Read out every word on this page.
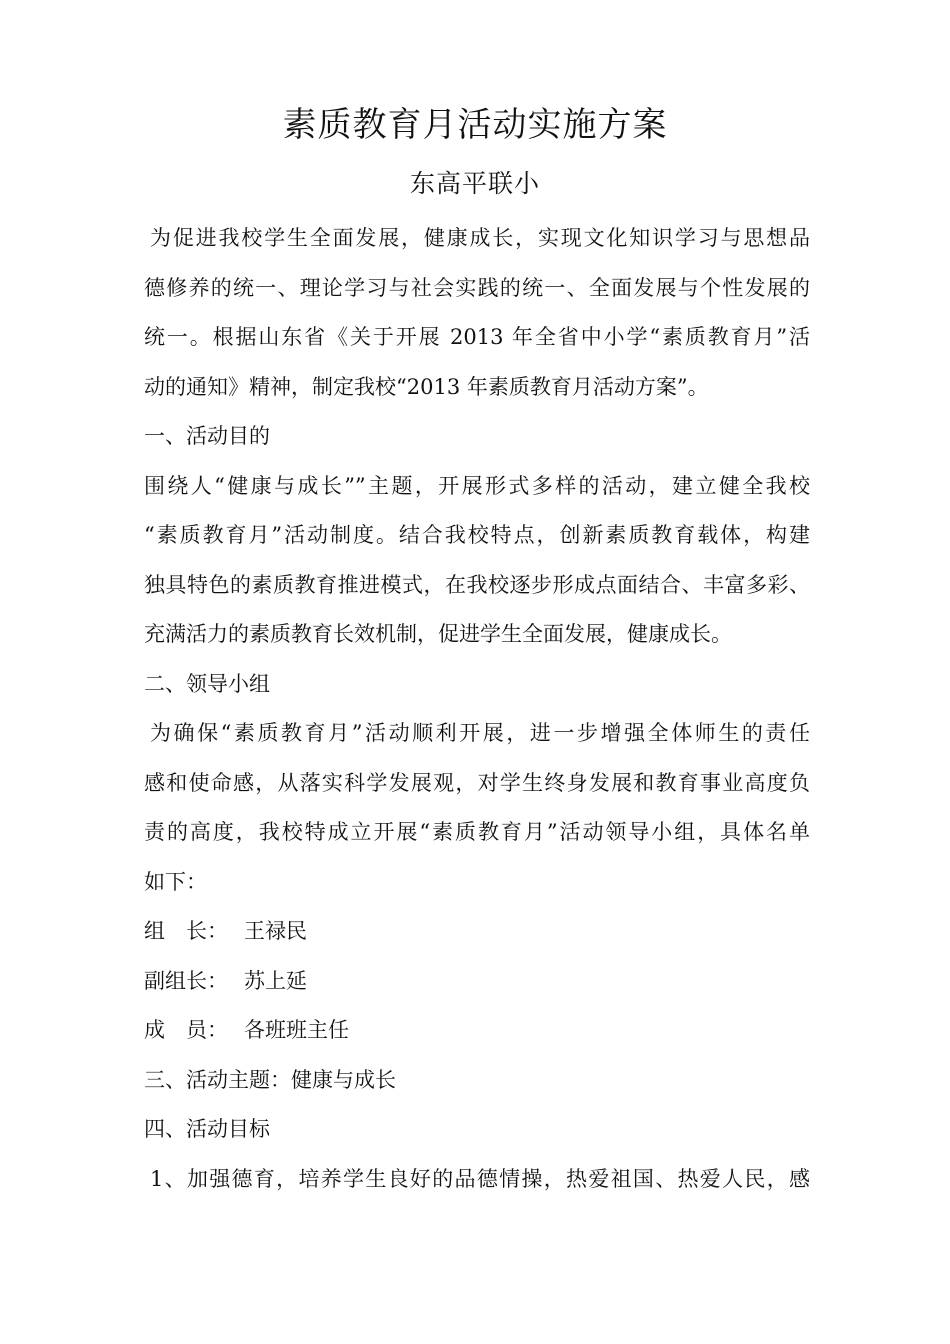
素质教育月活动实施方案
东高平联小
为促进我校学生全面发展，健康成长，实现文化知识学习与思想品
德修养的统一、理论学习与社会实践的统一、全面发展与个性发展的
统一。根据山东省《关于开展 2013 年全省中小学“素质教育月”活
动的通知》精神，制定我校“2013 年素质教育月活动方案”。
一、活动目的
围绕人“健康与成长””主题，开展形式多样的活动，建立健全我校
“素质教育月”活动制度。结合我校特点，创新素质教育载体，构建
独具特色的素质教育推进模式，在我校逐步形成点面结合、丰富多彩、
充满活力的素质教育长效机制，促进学生全面发展，健康成长。
二、领导小组
为确保“素质教育月”活动顺利开展，进一步增强全体师生的责任
感和使命感，从落实科学发展观，对学生终身发展和教育事业高度负
责的高度，我校特成立开展“素质教育月”活动领导小组，具体名单
如下：
组　长： 王禄民
副组长： 苏上延
成　员： 各班班主任
三、活动主题：健康与成长
四、活动目标
1、加强德育，培养学生良好的品德情操，热爱祖国、热爱人民，感
